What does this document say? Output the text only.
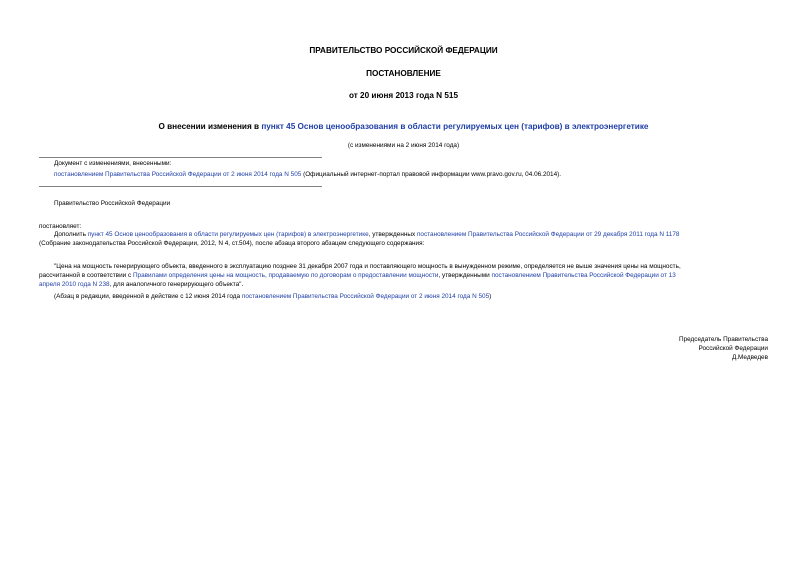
ПРАВИТЕЛЬСТВО РОССИЙСКОЙ ФЕДЕРАЦИИ
ПОСТАНОВЛЕНИЕ
от 20 июня 2013 года N 515
О внесении изменения в пункт 45 Основ ценообразования в области регулируемых цен (тарифов) в электроэнергетике
(с изменениями на 2 июня 2014 года)
Документ с изменениями, внесенными:
постановлением Правительства Российской Федерации от 2 июня 2014 года N 505 (Официальный интернет-портал правовой информации www.pravo.gov.ru, 04.06.2014).
Правительство Российской Федерации
постановляет:
Дополнить пункт 45 Основ ценообразования в области регулируемых цен (тарифов) в электроэнергетике, утвержденных постановлением Правительства Российской Федерации от 29 декабря 2011 года N 1178
(Собрание законодательства Российской Федерации, 2012, N 4, ст.504), после абзаца второго абзацем следующего содержания:
"Цена на мощность генерирующего объекта, введенного в эксплуатацию позднее 31 декабря 2007 года и поставляющего мощность в вынужденном режиме, определяется не выше значения цены на мощность,
рассчитанной в соответствии с Правилами определения цены на мощность, продаваемую по договорам о предоставлении мощности, утвержденными постановлением Правительства Российской Федерации от 13
апреля 2010 года N 238, для аналогичного генерирующего объекта".
(Абзац в редакции, введенной в действие с 12 июня 2014 года постановлением Правительства Российской Федерации от 2 июня 2014 года N 505)
Председатель Правительства
Российской Федерации
Д.Медведев
